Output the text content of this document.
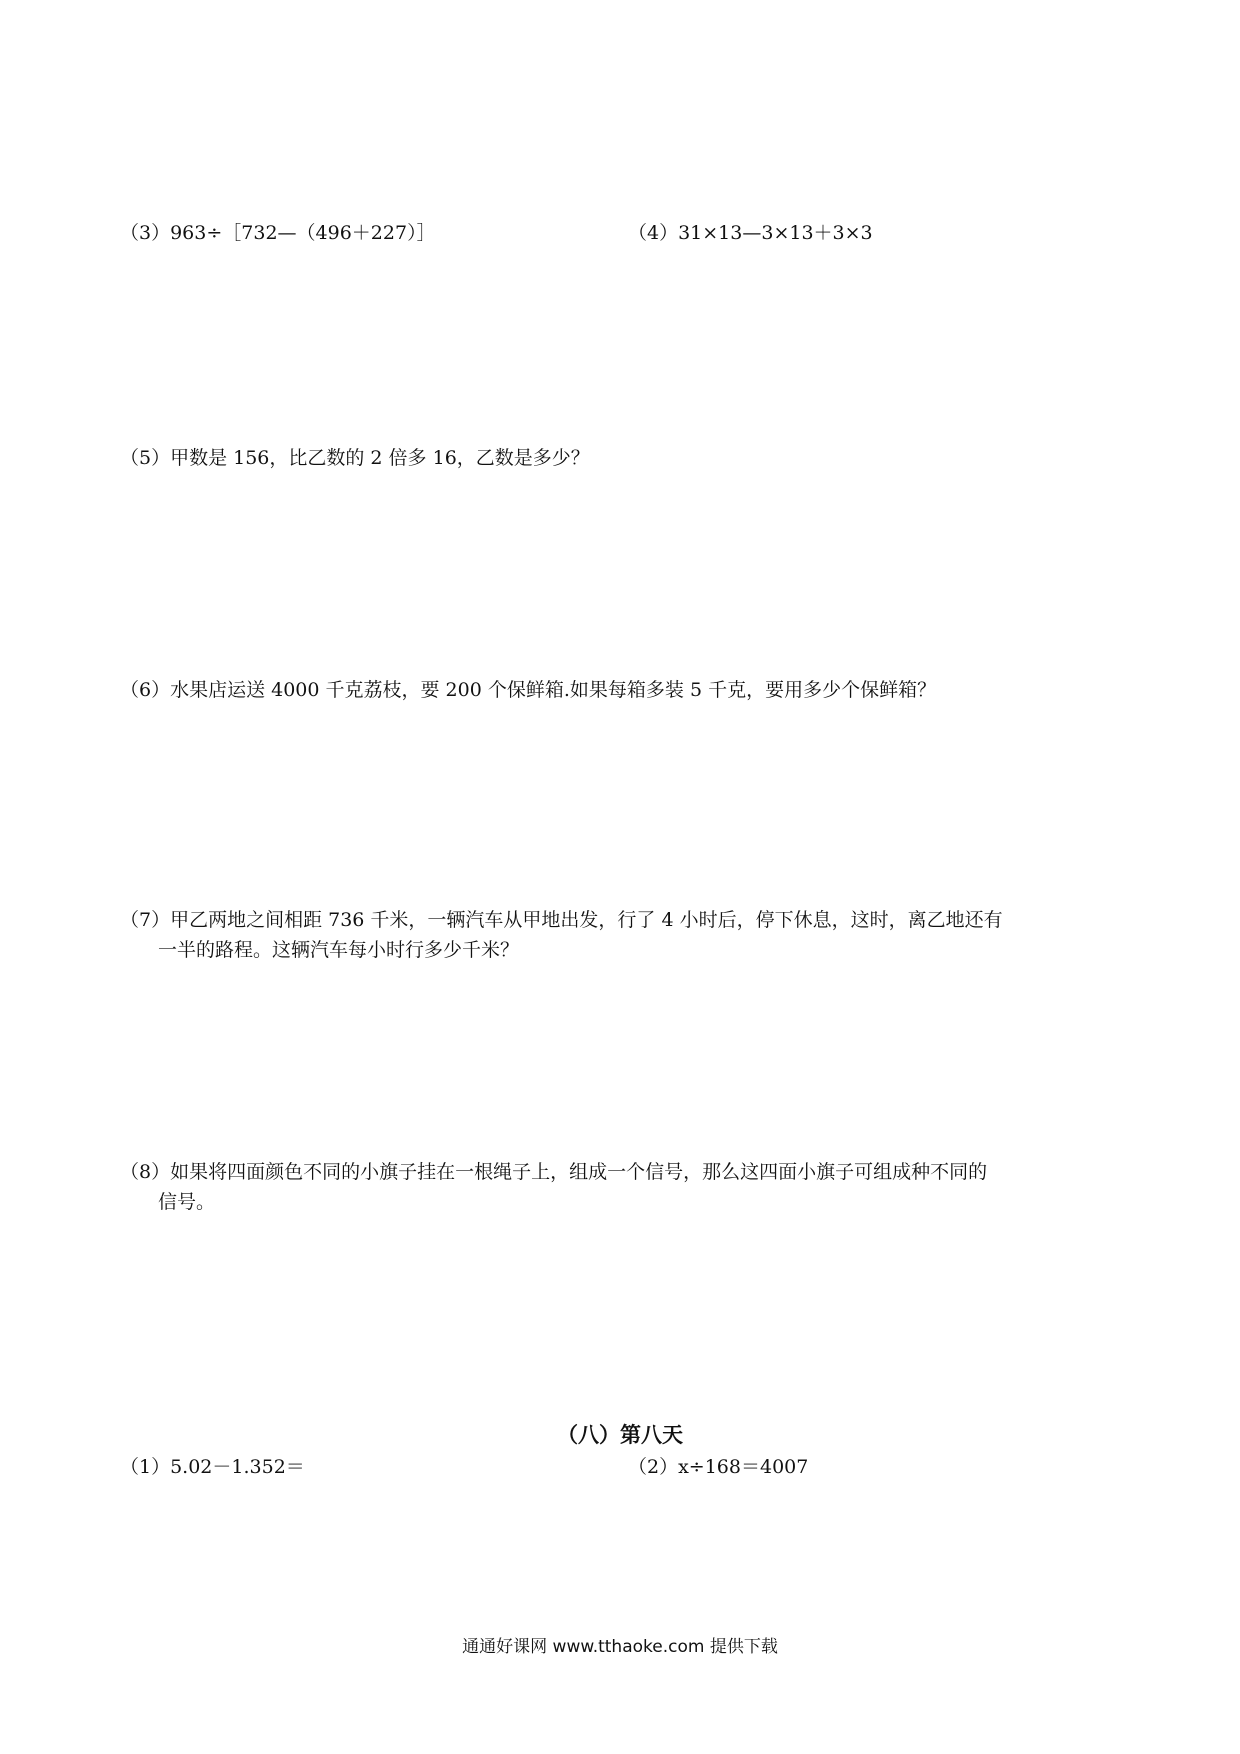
（3）963÷［732—（496＋227）］	（4）31×13—3×13＋3×3
（5）甲数是 156，比乙数的 2 倍多 16，乙数是多少？
（6）水果店运送 4000 千克荔枝，要 200 个保鲜箱.如果每箱多装 5 千克，要用多少个保鲜箱？
（7）甲乙两地之间相距 736 千米，一辆汽车从甲地出发，行了 4 小时后，停下休息，这时，离乙地还有
一半的路程。这辆汽车每小时行多少千米？
（8）如果将四面颜色不同的小旗子挂在一根绳子上，组成一个信号，那么这四面小旗子可组成种不同的
信号。
（八）第八天
（1）5.02－1.352＝	（2）x÷168＝4007
通通好课网 www.tthaoke.com 提供下载
